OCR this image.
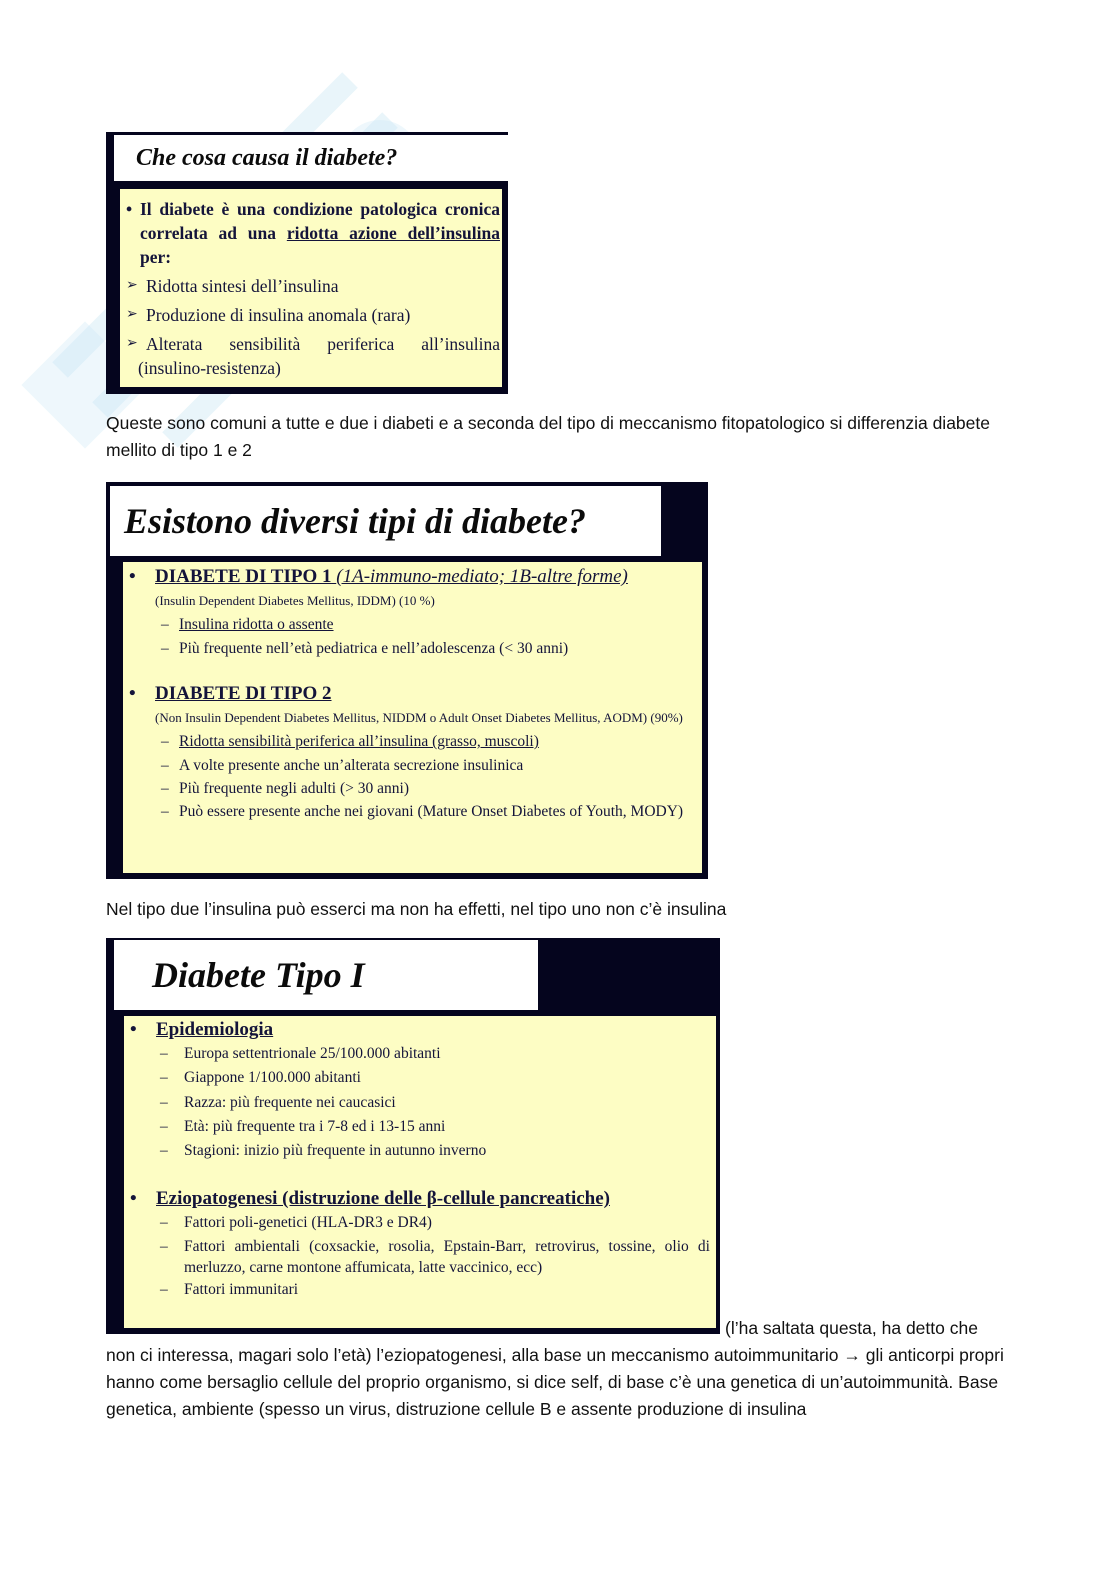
Che cosa causa il diabete?
• Il diabete è una condizione patologica cronica correlata ad una ridotta azione dell’insulina per:
➢ Ridotta sintesi dell’insulina
➢ Produzione di insulina anomala (rara)
➢ Alterata sensibilità periferica all’insulina
(insulino-resistenza)
Queste sono comuni a tutte e due i diabeti e a seconda del tipo di meccanismo fitopatologico si differenzia diabete mellito di tipo 1 e 2
Esistono diversi tipi di diabete?
•	DIABETE DI TIPO 1 (1A-immuno-mediato; 1B-altre forme)
(Insulin Dependent Diabetes Mellitus, IDDM) (10 %)
– Insulina ridotta o assente
– Più frequente nell’età pediatrica e nell’adolescenza (< 30 anni)
•	DIABETE DI TIPO 2
(Non Insulin Dependent Diabetes Mellitus, NIDDM o Adult Onset Diabetes Mellitus, AODM) (90%)
– Ridotta sensibilità periferica all’insulina (grasso, muscoli)
– A volte presente anche un’alterata secrezione insulinica
– Più frequente negli adulti (> 30 anni)
– Può essere presente anche nei giovani (Mature Onset Diabetes of Youth, MODY)
Nel tipo due l’insulina può esserci ma non ha effetti, nel tipo uno non c’è insulina
Diabete Tipo I
•	Epidemiologia
–	Europa settentrionale 25/100.000 abitanti
–	Giappone 1/100.000 abitanti
–	Razza: più frequente nei caucasici
–	Età: più frequente tra i 7-8 ed i 13-15 anni
–	Stagioni: inizio più frequente in autunno inverno
•	Eziopatogenesi (distruzione delle β-cellule pancreatiche)
–	Fattori poli-genetici (HLA-DR3 e DR4)
–	Fattori ambientali (coxsackie, rosolia, Epstain-Barr, retrovirus, tossine, olio di merluzzo, carne montone affumicata, latte vaccinico, ecc)
–	Fattori immunitari
(l’ha saltata questa, ha detto che
non ci interessa, magari solo l’età) l’eziopatogenesi, alla base un meccanismo autoimmunitario → gli anticorpi propri hanno come bersaglio cellule del proprio organismo, si dice self, di base c’è una genetica di un’autoimmunità. Base genetica, ambiente (spesso un virus, distruzione cellule B e assente produzione di insulina
